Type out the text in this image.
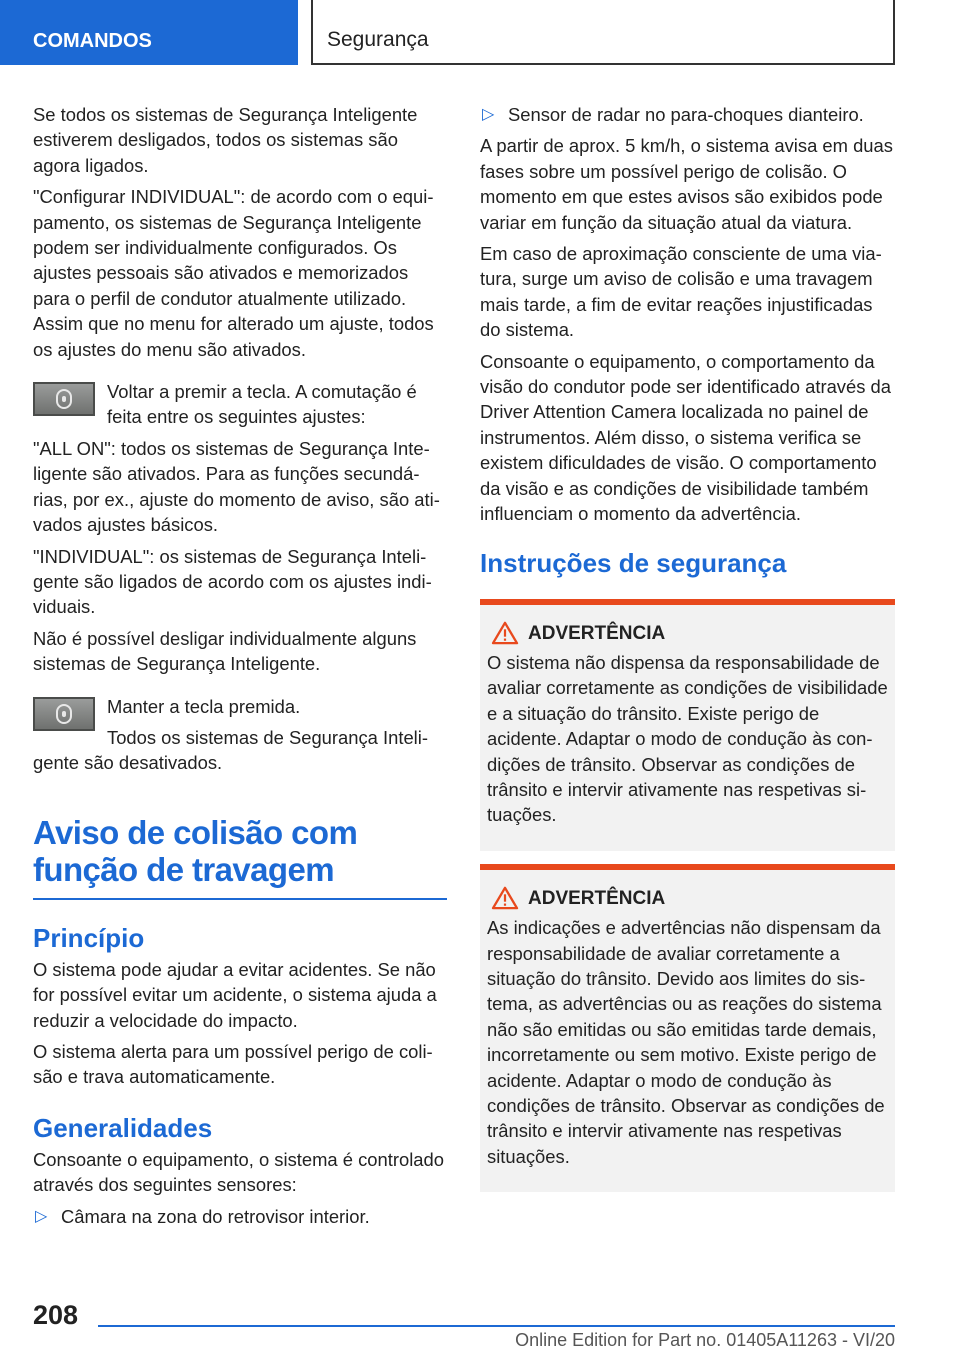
COMANDOS	Segurança

Se todos os sistemas de Segurança Inteligente estiverem desligados, todos os sistemas são agora ligados.

"Configurar INDIVIDUAL": de acordo com o equipamento, os sistemas de Segurança Inteligente podem ser individualmente configurados. Os ajustes pessoais são ativados e memorizados para o perfil de condutor atualmente utilizado. Assim que no menu for alterado um ajuste, todos os ajustes do menu são ativados.

Voltar a premir a tecla. A comutação é feita entre os seguintes ajustes:

"ALL ON": todos os sistemas de Segurança Inteligente são ativados. Para as funções secundárias, por ex., ajuste do momento de aviso, são ativados ajustes básicos.

"INDIVIDUAL": os sistemas de Segurança Inteligente são ligados de acordo com os ajustes individuais.

Não é possível desligar individualmente alguns sistemas de Segurança Inteligente.

Manter a tecla premida.

Todos os sistemas de Segurança Inteligente são desativados.

Aviso de colisão com função de travagem
Princípio

O sistema pode ajudar a evitar acidentes. Se não for possível evitar um acidente, o sistema ajuda a reduzir a velocidade do impacto.

O sistema alerta para um possível perigo de colisão e trava automaticamente.

Generalidades

Consoante o equipamento, o sistema é controlado através dos seguintes sensores:

▷ Câmara na zona do retrovisor interior.
▷ Sensor de radar no para-choques dianteiro.

A partir de aprox. 5 km/h, o sistema avisa em duas fases sobre um possível perigo de colisão. O momento em que estes avisos são exibidos pode variar em função da situação atual da viatura.

Em caso de aproximação consciente de uma viatura, surge um aviso de colisão e uma travagem mais tarde, a fim de evitar reações injustificadas do sistema.

Consoante o equipamento, o comportamento da visão do condutor pode ser identificado através da Driver Attention Camera localizada no painel de instrumentos. Além disso, o sistema verifica se existem dificuldades de visão. O comportamento da visão e as condições de visibilidade também influenciam o momento da advertência.

Instruções de segurança
ADVERTÊNCIA

O sistema não dispensa da responsabilidade de avaliar corretamente as condições de visibilidade e a situação do trânsito. Existe perigo de acidente. Adaptar o modo de condução às condições de trânsito. Observar as condições de trânsito e intervir ativamente nas respetivas situações.

ADVERTÊNCIA

As indicações e advertências não dispensam da responsabilidade de avaliar corretamente a situação do trânsito. Devido aos limites do sistema, as advertências ou as reações do sistema não são emitidas ou são emitidas tarde demais, incorretamente ou sem motivo. Existe perigo de acidente. Adaptar o modo de condução às condições de trânsito. Observar as condições de trânsito e intervir ativamente nas respetivas situações.

208
Online Edition for Part no. 01405A11263 - VI/20
